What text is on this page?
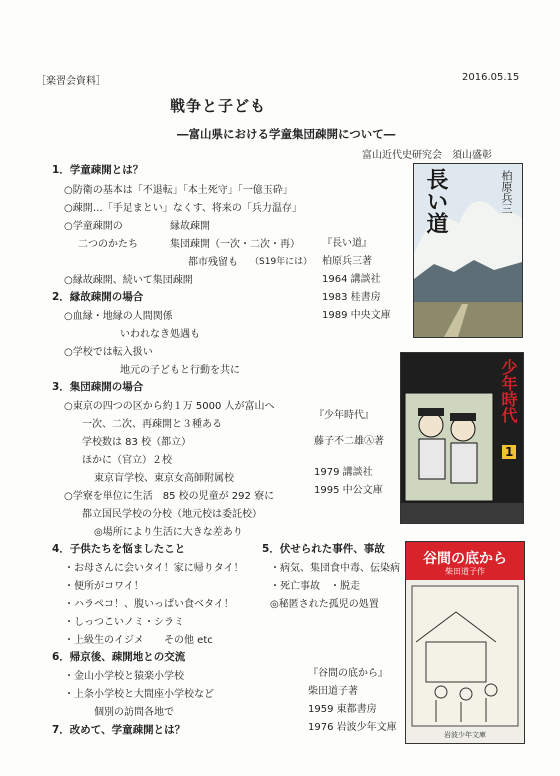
［楽習会資料］	2016.05.15
戦争と子ども
―富山県における学童集団疎開について―
富山近代史研究会　須山盛彰
1．学童疎開とは？
○防衛の基本は「不退転」「本土死守」「一億玉砕」
○疎開…「手足まとい」なくす、将来の「兵力温存」
○学童疎開の	縁故疎開
二つのかたち	集団疎開（一次・二次・再）
都市残留も （S19年には）
○縁故疎開、続いて集団疎開
2．縁故疎開の場合
○血縁・地縁の人間関係
いわれなき処遇も
○学校では転入扱い
地元の子どもと行動を共に
3．集団疎開の場合
○東京の四つの区から約１万 5000 人が富山へ
一次、二次、再疎開と３種ある
学校数は 83 校（都立）
ほかに（官立）２校
東京盲学校、東京女高師附属校
○学寮を単位に生活　85 校の児童が 292 寮に
都立国民学校の分校（地元校は委託校）
◎場所により生活に大きな差あり
4．子供たちを悩ましたこと
・お母さんに会いタイ！家に帰りタイ！
・便所がコワイ！
・ハラペコ！、腹いっぱい食ベタイ！
・しっつこいノミ・シラミ
・上級生のイジメ その他 etc
5．伏せられた事件、事故
・病気、集団食中毒、伝染病
・死亡事故　・脱走
◎秘匿された孤児の処置
6．帰京後、疎開地との交流
・金山小学校と猿楽小学校
・上条小学校と大間座小学校など
個別の訪問各地で
7．改めて、学童疎開とは？
『長い道』
柏原兵三著
1964 講談社
1983 桂書房
1989 中央文庫
長い道	柏原兵三
『少年時代』
藤子不二雄Ⓐ著
1979 講談社
1995 中公文庫
少年時代
1
『谷間の底から』
柴田道子著
1959 東都書房
1976 岩波少年文庫
谷間の底から
柴田道子作
岩波少年文庫
